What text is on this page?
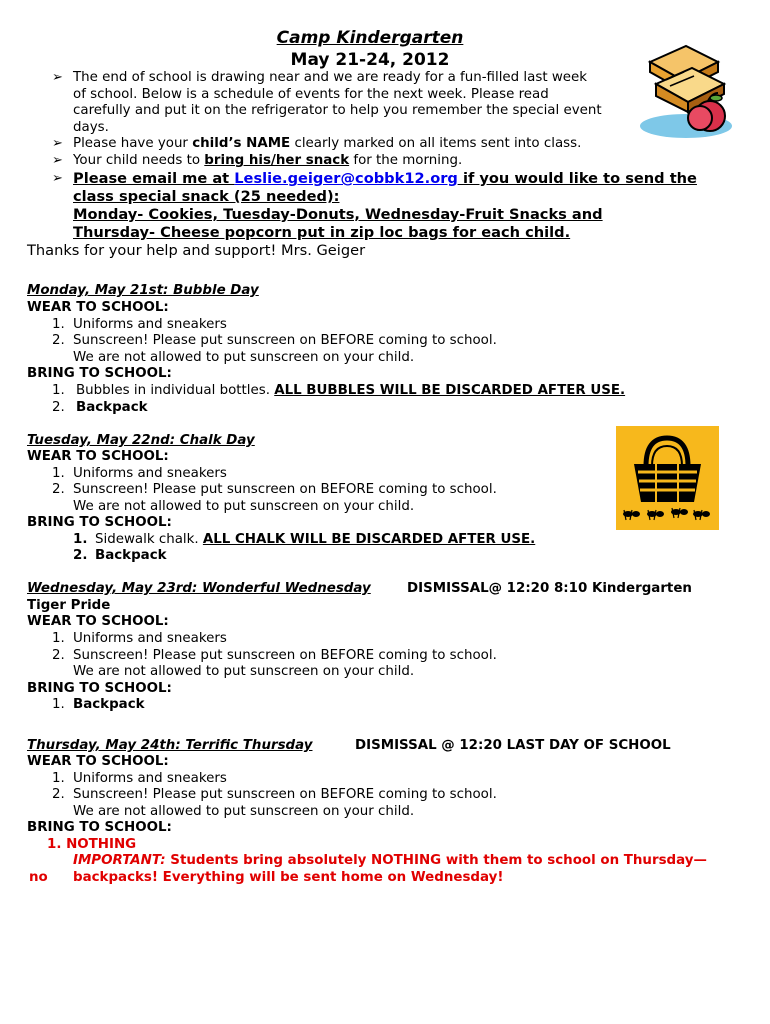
Camp Kindergarten
May 21-24, 2012
➢ The end of school is drawing near and we are ready for a fun-filled last week
of school. Below is a schedule of events for the next week. Please read
carefully and put it on the refrigerator to help you remember the special event
days.
➢ Please have your child’s NAME clearly marked on all items sent into class.
➢ Your child needs to bring his/her snack for the morning.
➢ Please email me at Leslie.geiger@cobbk12.org if you would like to send the
class special snack (25 needed):
Monday- Cookies, Tuesday-Donuts, Wednesday-Fruit Snacks and
Thursday- Cheese popcorn put in zip loc bags for each child.
Thanks for your help and support! Mrs. Geiger
Monday, May 21st: Bubble Day
WEAR TO SCHOOL:
1. Uniforms and sneakers
2. Sunscreen! Please put sunscreen on BEFORE coming to school.
We are not allowed to put sunscreen on your child.
BRING TO SCHOOL:
1. Bubbles in individual bottles. ALL BUBBLES WILL BE DISCARDED AFTER USE.
2. Backpack
Tuesday, May 22nd: Chalk Day
WEAR TO SCHOOL:
1. Uniforms and sneakers
2. Sunscreen! Please put sunscreen on BEFORE coming to school.
We are not allowed to put sunscreen on your child.
BRING TO SCHOOL:
1. Sidewalk chalk. ALL CHALK WILL BE DISCARDED AFTER USE.
2. Backpack
Wednesday, May 23rd: Wonderful Wednesday	DISMISSAL@ 12:20 8:10 Kindergarten
Tiger Pride
WEAR TO SCHOOL:
1. Uniforms and sneakers
2. Sunscreen! Please put sunscreen on BEFORE coming to school.
We are not allowed to put sunscreen on your child.
BRING TO SCHOOL:
1. Backpack
Thursday, May 24th: Terrific Thursday	DISMISSAL @ 12:20 LAST DAY OF SCHOOL
WEAR TO SCHOOL:
1. Uniforms and sneakers
2. Sunscreen! Please put sunscreen on BEFORE coming to school.
We are not allowed to put sunscreen on your child.
BRING TO SCHOOL:
1. NOTHING
IMPORTANT: Students bring absolutely NOTHING with them to school on Thursday—
no backpacks! Everything will be sent home on Wednesday!
